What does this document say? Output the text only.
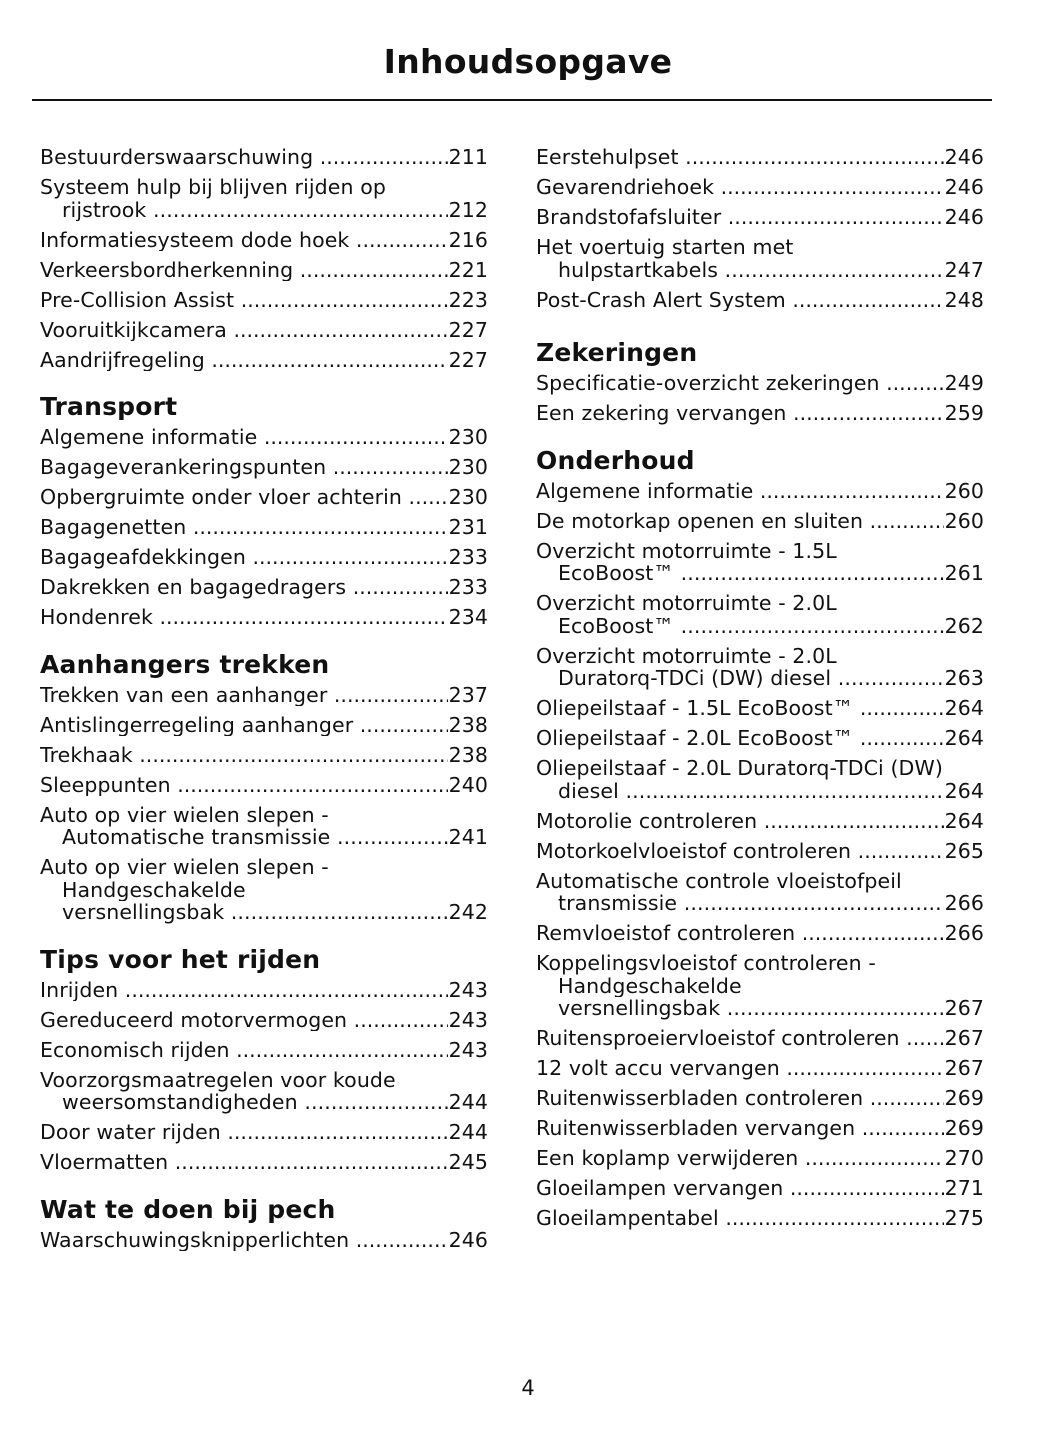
Inhoudsopgave
Bestuurderswaarschuwing .....	211
Systeem hulp bij blijven rijden op
rijstrook .....	212
Informatiesysteem dode hoek .....	216
Verkeersbordherkenning .....	221
Pre-Collision Assist .....	223
Vooruitkijkcamera .....	227
Aandrijfregeling .....	227
Transport
Algemene informatie .....	230
Bagageverankeringspunten .....	230
Opbergruimte onder vloer achterin .....	230
Bagagenetten .....	231
Bagageafdekkingen .....	233
Dakrekken en bagagedragers .....	233
Hondenrek .....	234
Aanhangers trekken
Trekken van een aanhanger .....	237
Antislingerregeling aanhanger .....	238
Trekhaak .....	238
Sleeppunten .....	240
Auto op vier wielen slepen -
Automatische transmissie .....	241
Auto op vier wielen slepen -
Handgeschakelde
versnellingsbak .....	242
Tips voor het rijden
Inrijden .....	243
Gereduceerd motorvermogen .....	243
Economisch rijden .....	243
Voorzorgsmaatregelen voor koude
weersomstandigheden .....	244
Door water rijden .....	244
Vloermatten .....	245
Wat te doen bij pech
Waarschuwingsknipperlichten .....	246
Eerstehulpset .....	246
Gevarendriehoek .....	246
Brandstofafsluiter .....	246
Het voertuig starten met
hulpstartkabels .....	247
Post-Crash Alert System .....	248
Zekeringen
Specificatie-overzicht zekeringen .....	249
Een zekering vervangen .....	259
Onderhoud
Algemene informatie .....	260
De motorkap openen en sluiten .....	260
Overzicht motorruimte - 1.5L
EcoBoost™ .....	261
Overzicht motorruimte - 2.0L
EcoBoost™ .....	262
Overzicht motorruimte - 2.0L
Duratorq-TDCi (DW) diesel .....	263
Oliepeilstaaf - 1.5L EcoBoost™ .....	264
Oliepeilstaaf - 2.0L EcoBoost™ .....	264
Oliepeilstaaf - 2.0L Duratorq-TDCi (DW)
diesel .....	264
Motorolie controleren .....	264
Motorkoelvloeistof controleren .....	265
Automatische controle vloeistofpeil
transmissie .....	266
Remvloeistof controleren .....	266
Koppelingsvloeistof controleren -
Handgeschakelde
versnellingsbak .....	267
Ruitensproeiervloeistof controleren .....	267
12 volt accu vervangen .....	267
Ruitenwisserbladen controleren .....	269
Ruitenwisserbladen vervangen .....	269
Een koplamp verwijderen .....	270
Gloeilampen vervangen .....	271
Gloeilampentabel .....	275
4
